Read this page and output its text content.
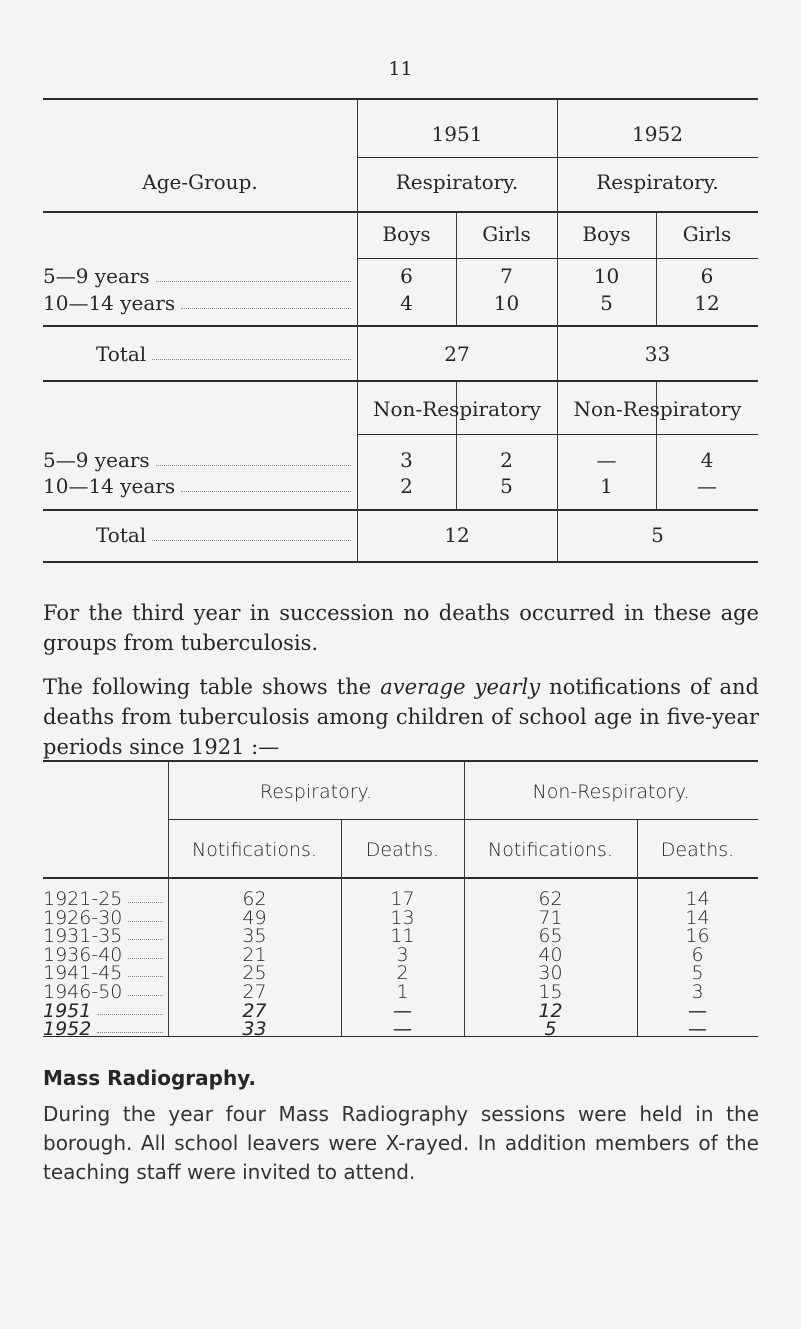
11
Age-Group.
1951	1952
Respiratory.	Respiratory.
Boys	Girls	Boys	Girls
5—9 years	6	7	10	6
10—14 years	4	10	5	12
Total	27	33
Non-Respiratory	Non-Respiratory
5—9 years	3	2	—	4
10—14 years	2	5	1	—
Total	12	5
For the third year in succession no deaths occurred in these age groups from tuberculosis.
The following table shows the average yearly notifications of and deaths from tuberculosis among children of school age in five-year periods since 1921 :—
Respiratory.	Non-Respiratory.
Notifications.	Deaths.	Notifications.	Deaths.
1921-25	62	17	62	14
1926-30	49	13	71	14
1931-35	35	11	65	16
1936-40	21	3	40	6
1941-45	25	2	30	5
1946-50	27	1	15	3
1951	27	—	12	—
1952	33	—	5	—
Mass Radiography.
During the year four Mass Radiography sessions were held in the borough. All school leavers were X-rayed. In addition members of the teaching staff were invited to attend.
